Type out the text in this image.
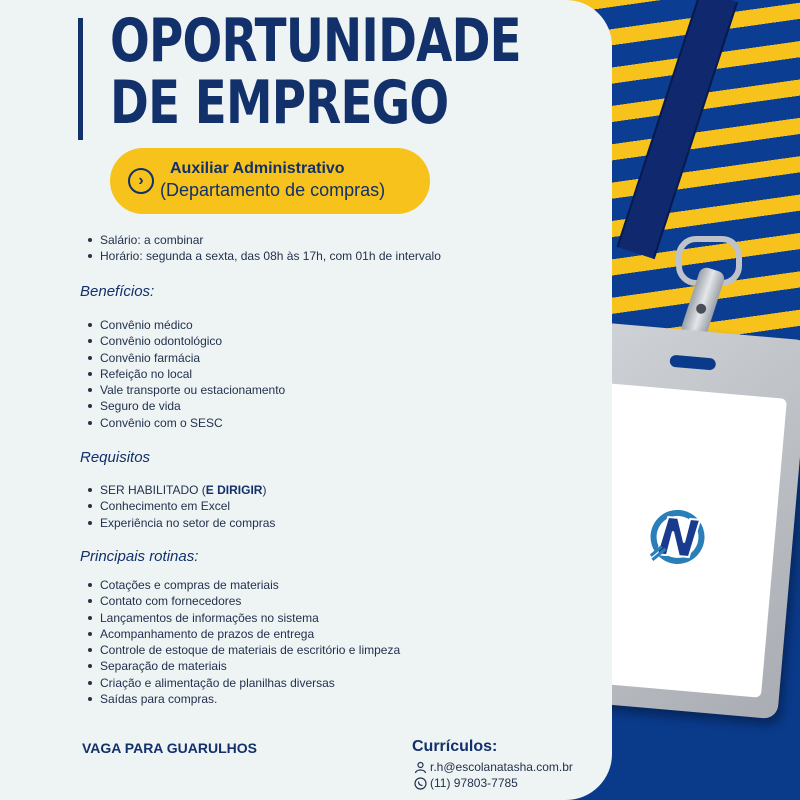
OPORTUNIDADE
DE EMPREGO
›
Auxiliar Administrativo
(Departamento de compras)
Salário: a combinar
Horário: segunda a sexta, das 08h às 17h, com 01h de intervalo
Benefícios:
Convênio médico
Convênio odontológico
Convênio farmácia
Refeição no local
Vale transporte ou estacionamento
Seguro de vida
Convênio com o SESC
Requisitos
SER HABILITADO (E DIRIGIR)
Conhecimento em Excel
Experiência no setor de compras
Principais rotinas:
Cotações e compras de materiais
Contato com fornecedores
Lançamentos de informações no sistema
Acompanhamento de prazos de entrega
Controle de estoque de materiais de escritório e limpeza
Separação de materiais
Criação e alimentação de planilhas diversas
Saídas para compras.
VAGA PARA GUARULHOS	Currículos:
r.h@escolanatasha.com.br
(11) 97803-7785
